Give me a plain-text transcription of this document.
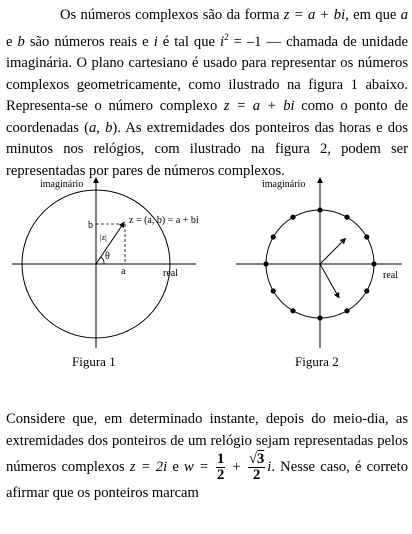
Os números complexos são da forma z = a + bi, em que a e b são números reais e i é tal que $i^2 = -1$ — chamada de unidade imaginária. O plano cartesiano é usado para representar os números complexos geometricamente, como ilustrado na figura 1 abaixo. Representa-se o número complexo z = a + bi como o ponto de coordenadas (a, b). As extremidades dos ponteiros das horas e dos minutos nos relógios, com ilustrado na figura 2, podem ser representadas por pares de números complexos.

imaginário
real
z = (a, b) = a + bi
b
|z|
θ
a
imaginário
real
Figura 1	Figura 2

Considere que, em determinado instante, depois do meio-dia, as extremidades dos ponteiros de um relógio sejam representadas pelos números complexos z = 2i e $w = \frac{1}{2} + \frac{√3}{2} i$. Nesse caso, é correto afirmar que os ponteiros marcam
